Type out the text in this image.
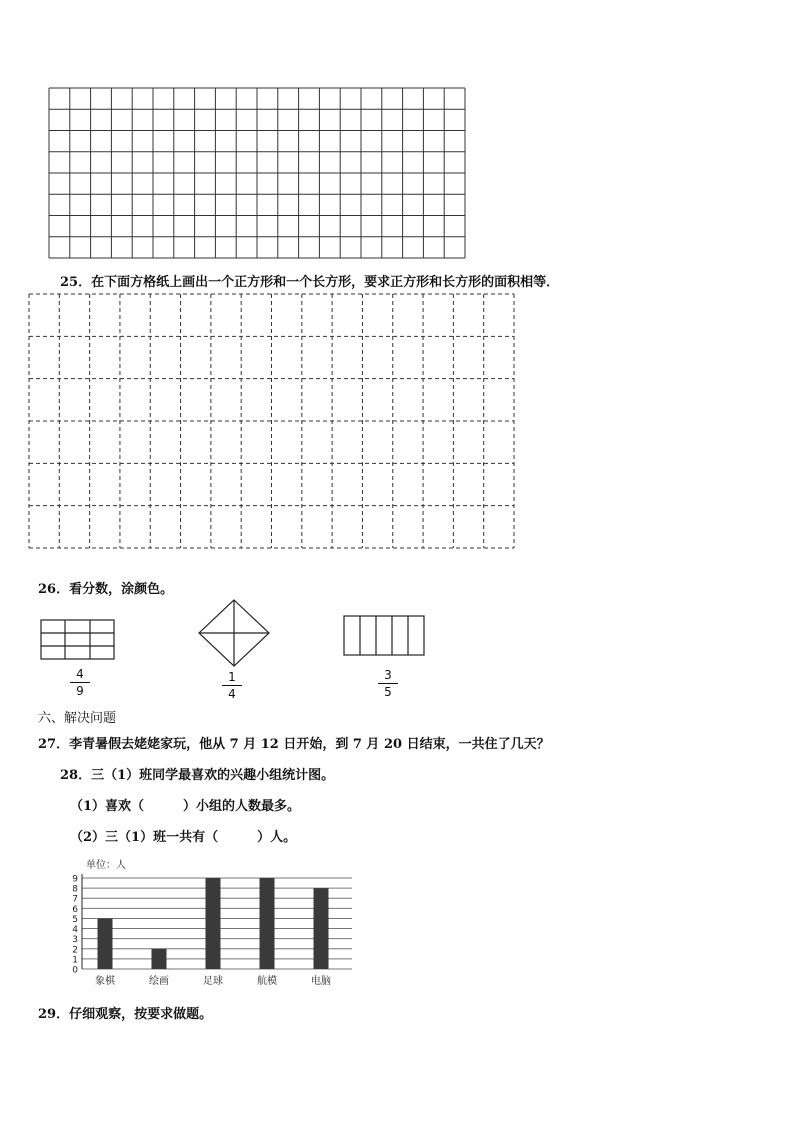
25．在下面方格纸上画出一个正方形和一个长方形，要求正方形和长方形的面积相等．
26．看分数，涂颜色。
4
9
1
4
3
5
六、解决问题
27．李青暑假去姥姥家玩，他从 7 月 12 日开始，到 7 月 20 日结束，一共住了几天？
28．三（1）班同学最喜欢的兴趣小组统计图。
（1）喜欢（　　　）小组的人数最多。
（2）三（1）班一共有（　　　）人。
单位：人
0
1
2
3
4
5
6
7
8
9
象棋	绘画	足球	航模	电脑
29．仔细观察，按要求做题。
